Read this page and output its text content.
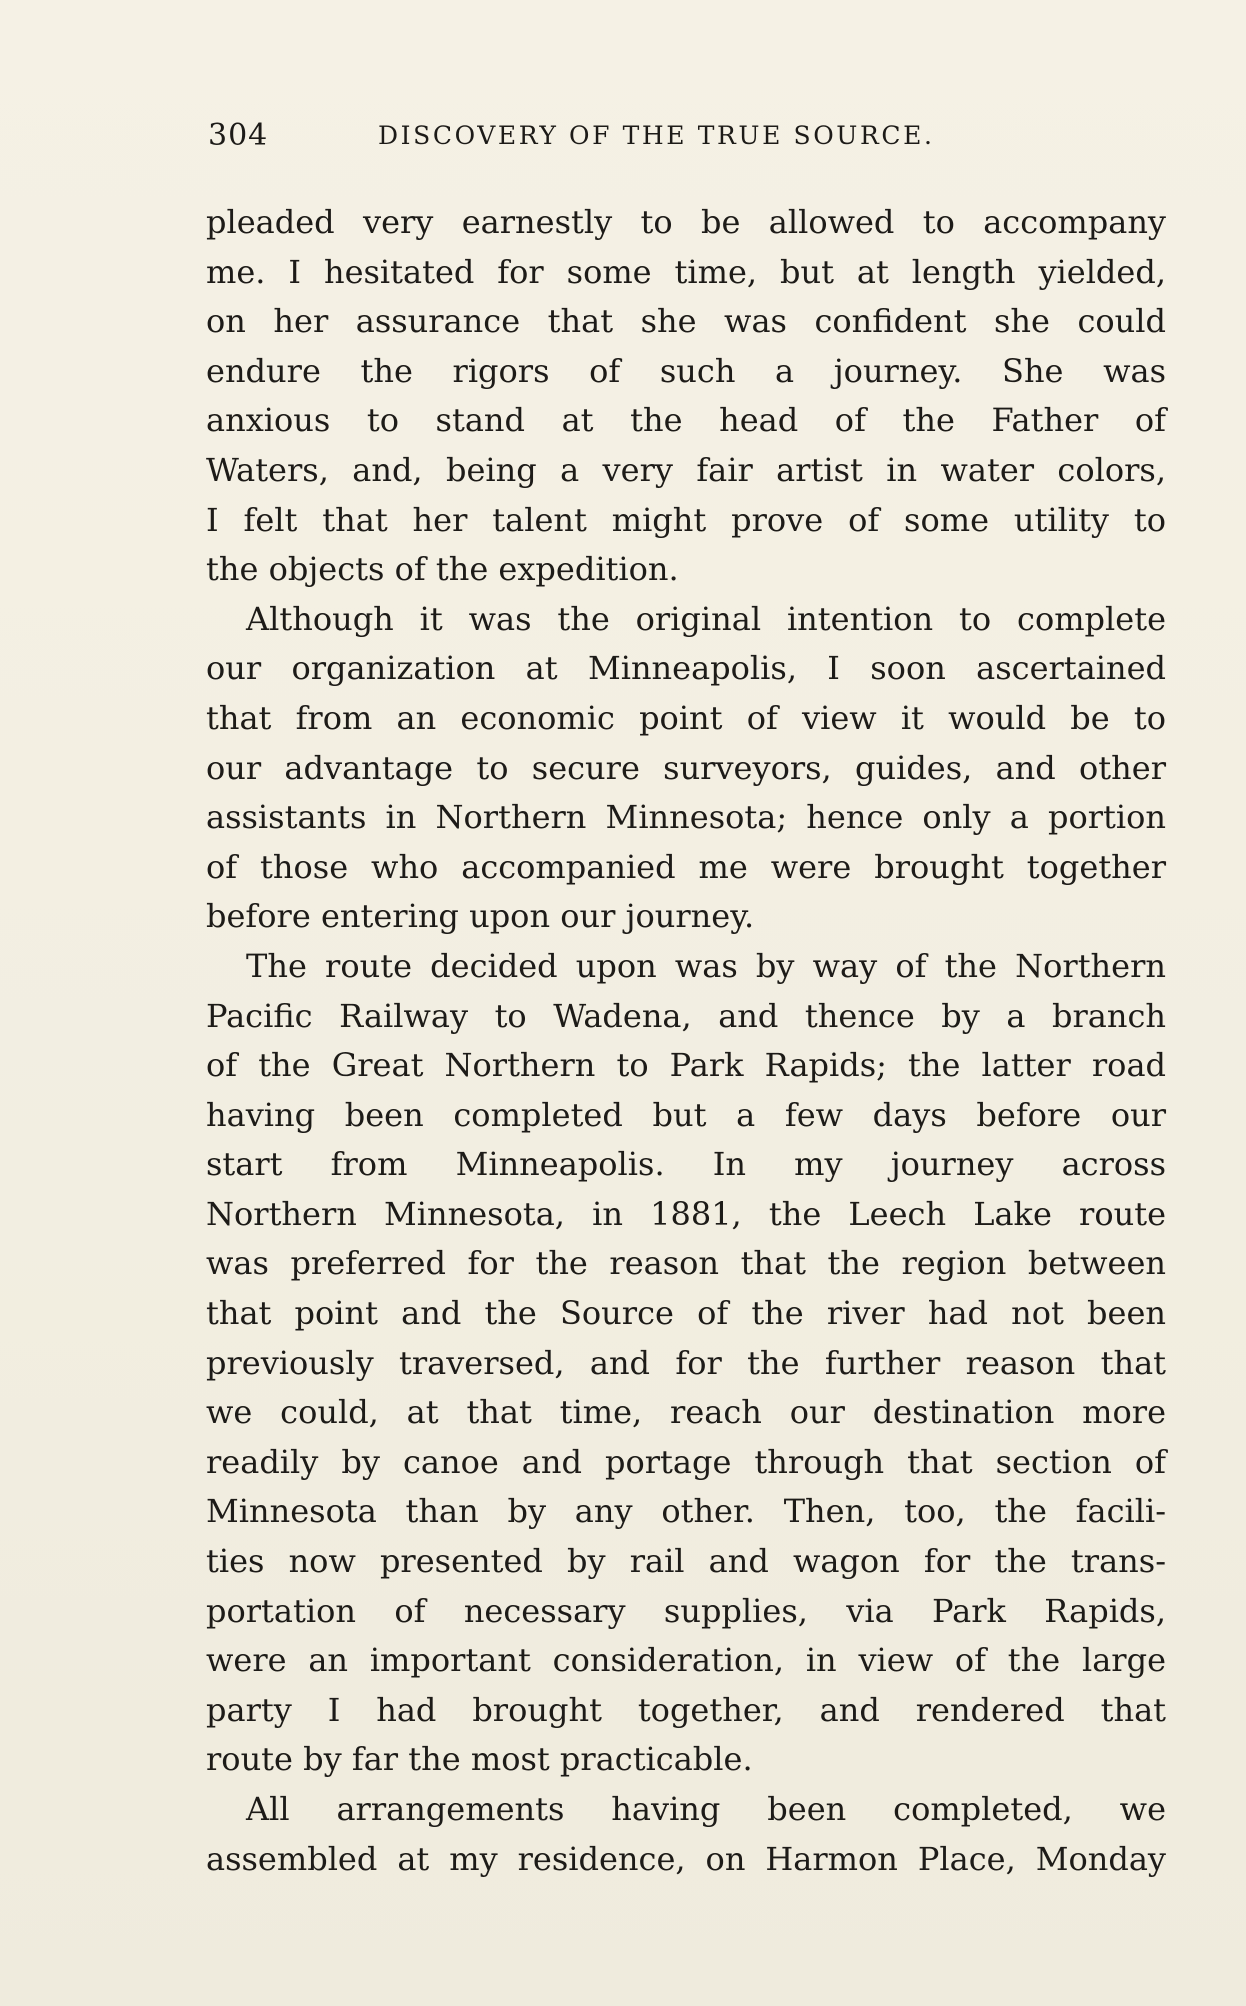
304	DISCOVERY OF THE TRUE SOURCE.
pleaded very earnestly to be allowed to accompany
me. I hesitated for some time, but at length yielded,
on her assurance that she was confident she could
endure the rigors of such a journey. She was
anxious to stand at the head of the Father of
Waters, and, being a very fair artist in water colors,
I felt that her talent might prove of some utility to
the objects of the expedition.
Although it was the original intention to complete
our organization at Minneapolis, I soon ascertained
that from an economic point of view it would be to
our advantage to secure surveyors, guides, and other
assistants in Northern Minnesota; hence only a portion
of those who accompanied me were brought together
before entering upon our journey.
The route decided upon was by way of the Northern
Pacific Railway to Wadena, and thence by a branch
of the Great Northern to Park Rapids; the latter road
having been completed but a few days before our
start from Minneapolis. In my journey across
Northern Minnesota, in 1881, the Leech Lake route
was preferred for the reason that the region between
that point and the Source of the river had not been
previously traversed, and for the further reason that
we could, at that time, reach our destination more
readily by canoe and portage through that section of
Minnesota than by any other. Then, too, the facili-
ties now presented by rail and wagon for the trans-
portation of necessary supplies, via Park Rapids,
were an important consideration, in view of the large
party I had brought together, and rendered that
route by far the most practicable.
All arrangements having been completed, we
assembled at my residence, on Harmon Place, Monday
